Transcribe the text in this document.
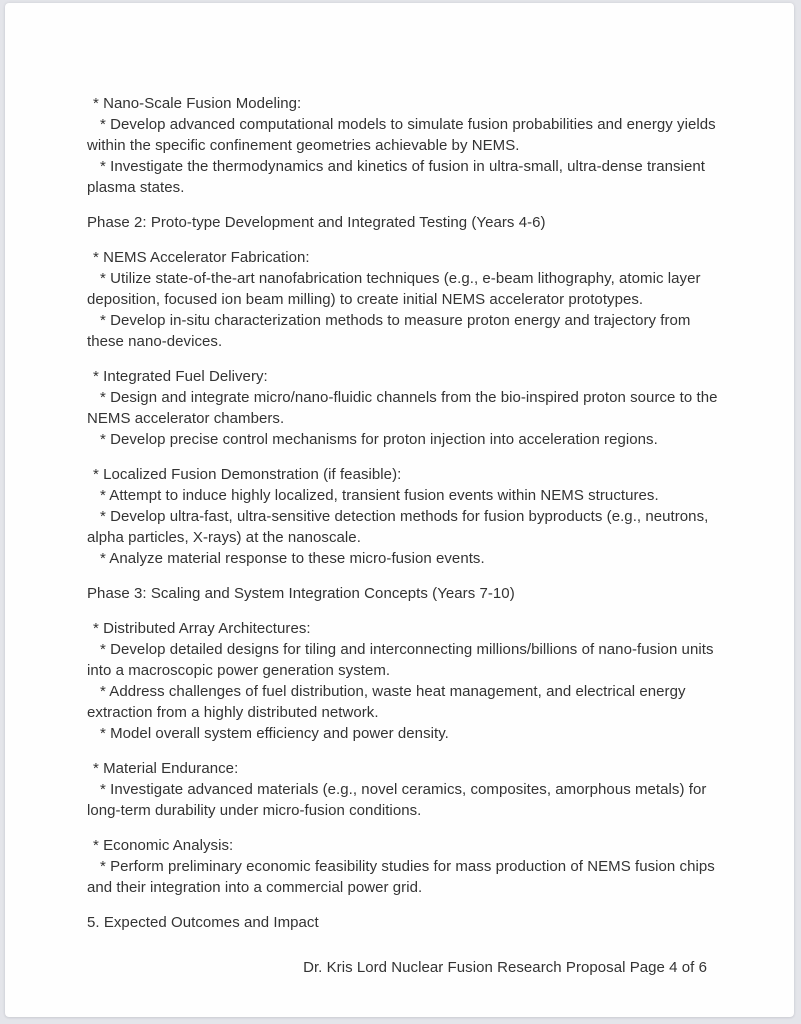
* Nano-Scale Fusion Modeling:
* Develop advanced computational models to simulate fusion probabilities and energy yields
within the specific confinement geometries achievable by NEMS.
* Investigate the thermodynamics and kinetics of fusion in ultra-small, ultra-dense transient
plasma states.
Phase 2: Proto-type Development and Integrated Testing (Years 4-6)
* NEMS Accelerator Fabrication:
* Utilize state-of-the-art nanofabrication techniques (e.g., e-beam lithography, atomic layer
deposition, focused ion beam milling) to create initial NEMS accelerator prototypes.
* Develop in-situ characterization methods to measure proton energy and trajectory from
these nano-devices.
* Integrated Fuel Delivery:
* Design and integrate micro/nano-fluidic channels from the bio-inspired proton source to the
NEMS accelerator chambers.
* Develop precise control mechanisms for proton injection into acceleration regions.
* Localized Fusion Demonstration (if feasible):
* Attempt to induce highly localized, transient fusion events within NEMS structures.
* Develop ultra-fast, ultra-sensitive detection methods for fusion byproducts (e.g., neutrons,
alpha particles, X-rays) at the nanoscale.
* Analyze material response to these micro-fusion events.
Phase 3: Scaling and System Integration Concepts (Years 7-10)
* Distributed Array Architectures:
* Develop detailed designs for tiling and interconnecting millions/billions of nano-fusion units
into a macroscopic power generation system.
* Address challenges of fuel distribution, waste heat management, and electrical energy
extraction from a highly distributed network.
* Model overall system efficiency and power density.
* Material Endurance:
* Investigate advanced materials (e.g., novel ceramics, composites, amorphous metals) for
long-term durability under micro-fusion conditions.
* Economic Analysis:
* Perform preliminary economic feasibility studies for mass production of NEMS fusion chips
and their integration into a commercial power grid.
5. Expected Outcomes and Impact
Dr. Kris Lord Nuclear Fusion Research Proposal Page 4 of 6
